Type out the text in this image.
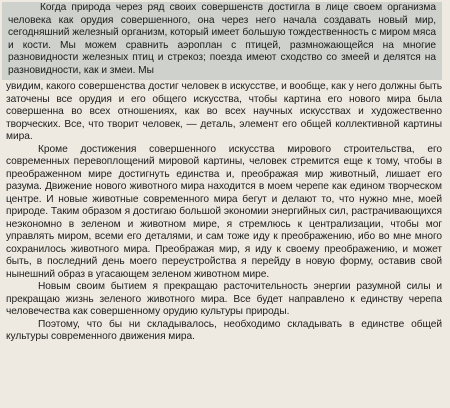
Когда природа через ряд своих совершенств достигла в лице своем организма человека как орудия совершенного, она через него начала создавать новый мир, сегодняшний железный организм, который имеет большую тождественность с миром мяса и кости. Мы можем сравнить аэроплан с птицей, размножающейся на многие разновидности железных птиц и стрекоз; поезда имеют сходство со змеей и делятся на разновидности, как и змеи. Мы

увидим, какого совершенства достиг человек в искусстве, и вообще, как у него должны быть заточены все орудия и его общего искусства, чтобы картина его нового мира была совершенна во всех отношениях, как во всех научных искусствах и художественно творческих. Все, что творит человек, — деталь, элемент его общей коллективной картины мира.

Кроме достижения совершенного искусства мирового строительства, его современных перевоплощений мировой картины, человек стремится еще к тому, чтобы в преображенном мире достигнуть единства и, преображая мир животный, лишает его разума. Движение нового животного мира находится в моем черепе как едином творческом центре. И новые животные современного мира бегут и делают то, что нужно мне, моей природе. Таким образом я достигаю большой экономии энергийных сил, растрачивающихся неэкономно в зеленом и животном мире, я стремлюсь к централизации, чтобы мог управлять миром, всеми его деталями, и сам тоже иду к преображению, ибо во мне много сохранилось животного мира. Преображая мир, я иду к своему преображению, и может быть, в последний день моего переустройства я перейду в новую форму, оставив свой нынешний образ в угасающем зеленом животном мире.

Новым своим бытием я прекращаю расточительность энергии разумной силы и прекращаю жизнь зеленого животного мира. Все будет направлено к единству черепа человечества как совершенному орудию культуры природы.

Поэтому, что бы ни складывалось, необходимо складывать в единстве общей культуры современного движения мира.
